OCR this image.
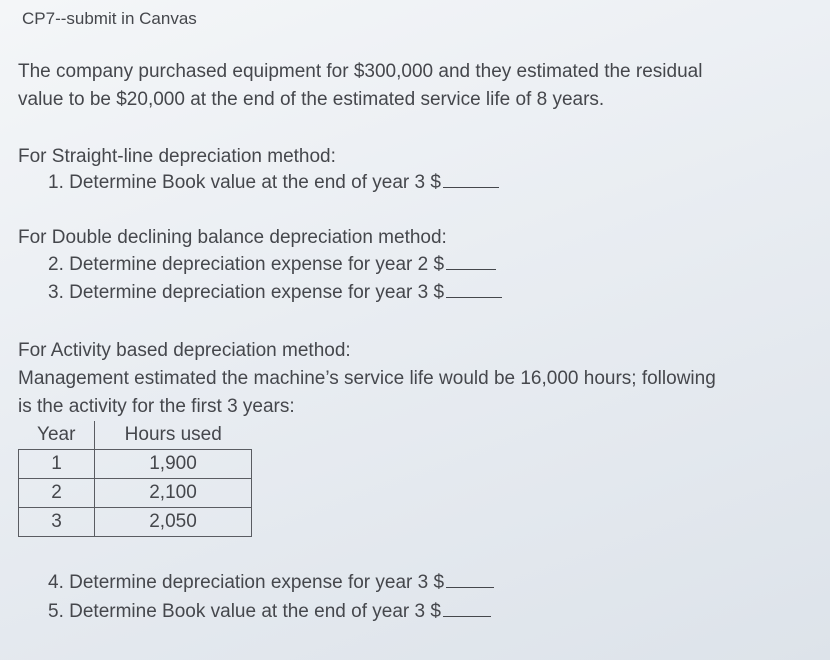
CP7--submit in Canvas
The company purchased equipment for $300,000 and they estimated the residual
value to be $20,000 at the end of the estimated service life of 8 years.
For Straight-line depreciation method:
1. Determine Book value at the end of year 3 $
For Double declining balance depreciation method:
2. Determine depreciation expense for year 2 $
3. Determine depreciation expense for year 3 $
For Activity based depreciation method:
Management estimated the machine’s service life would be 16,000 hours; following
is the activity for the first 3 years:
Year	Hours used
1	1,900
2	2,100
3	2,050
4. Determine depreciation expense for year 3 $
5. Determine Book value at the end of year 3 $
